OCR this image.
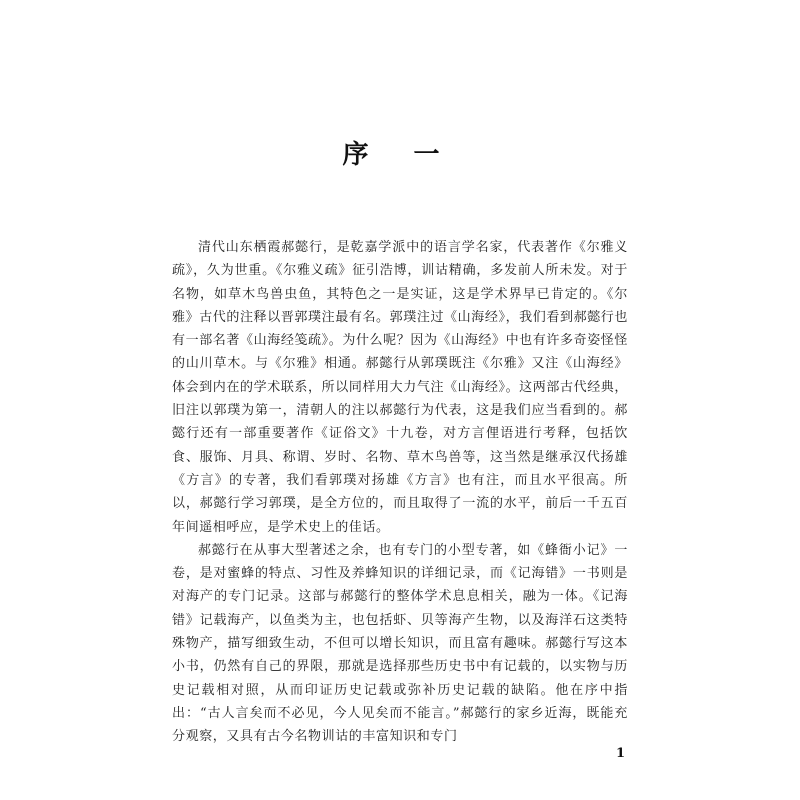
序 一

清代山东栖霞郝懿行，是乾嘉学派中的语言学名家，代表著作《尔雅义疏》，久为世重。《尔雅义疏》征引浩博，训诂精确，多发前人所未发。对于名物，如草木鸟兽虫鱼，其特色之一是实证，这是学术界早已肯定的。《尔雅》古代的注释以晋郭璞注最有名。郭璞注过《山海经》，我们看到郝懿行也有一部名著《山海经笺疏》。为什么呢？因为《山海经》中也有许多奇姿怪怪的山川草木。与《尔雅》相通。郝懿行从郭璞既注《尔雅》又注《山海经》体会到内在的学术联系，所以同样用大力气注《山海经》。这两部古代经典，旧注以郭璞为第一，清朝人的注以郝懿行为代表，这是我们应当看到的。郝懿行还有一部重要著作《证俗文》十九卷，对方言俚语进行考释，包括饮食、服饰、月具、称谓、岁时、名物、草木鸟兽等，这当然是继承汉代扬雄《方言》的专著，我们看郭璞对扬雄《方言》也有注，而且水平很高。所以，郝懿行学习郭璞，是全方位的，而且取得了一流的水平，前后一千五百年间遥相呼应，是学术史上的佳话。

郝懿行在从事大型著述之余，也有专门的小型专著，如《蜂衙小记》一卷，是对蜜蜂的特点、习性及养蜂知识的详细记录，而《记海错》一书则是对海产的专门记录。这部与郝懿行的整体学术息息相关，融为一体。《记海错》记载海产，以鱼类为主，也包括虾、贝等海产生物，以及海洋石这类特殊物产，描写细致生动，不但可以增长知识，而且富有趣味。郝懿行写这本小书，仍然有自己的界限，那就是选择那些历史书中有记载的，以实物与历史记载相对照，从而印证历史记载或弥补历史记载的缺陷。他在序中指出：“古人言矣而不必见，今人见矣而不能言。”郝懿行的家乡近海，既能充分观察，又具有古今名物训诂的丰富知识和专门

1
